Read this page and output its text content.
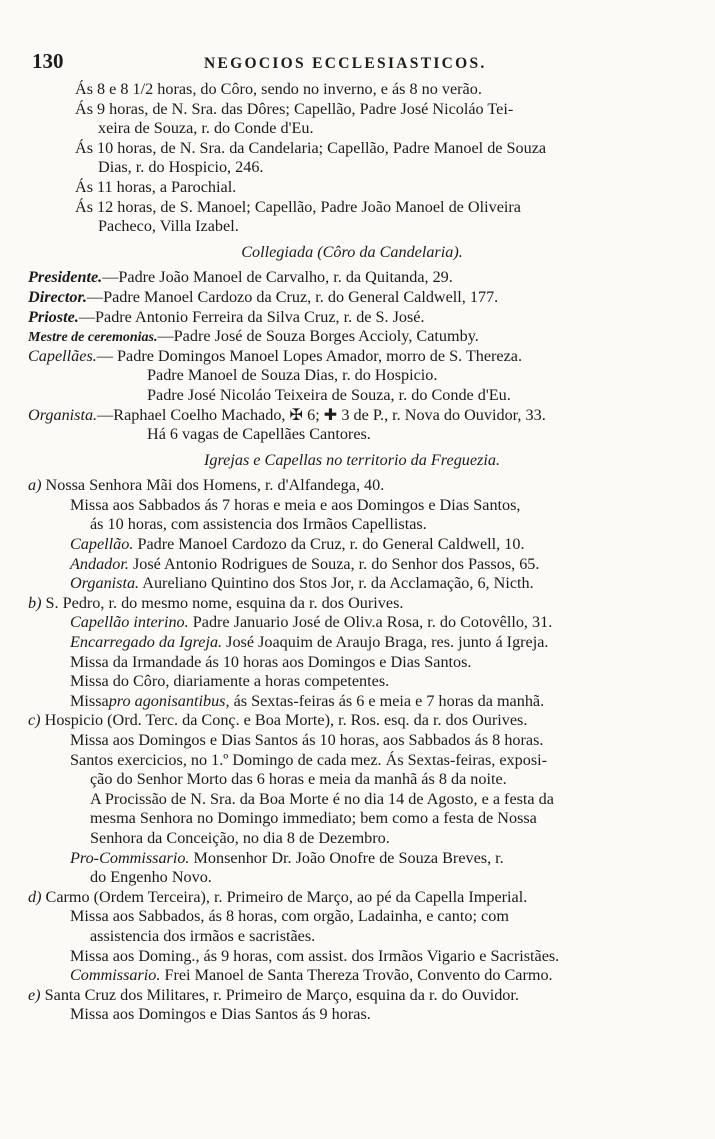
130	NEGOCIOS ECCLESIASTICOS.
Ás 8 e 8 1/2 horas, do Côro, sendo no inverno, e ás 8 no verão.
Ás 9 horas, de N. Sra. das Dôres; Capellão, Padre José Nicoláo Tei-
xeira de Souza, r. do Conde d'Eu.
Ás 10 horas, de N. Sra. da Candelaria; Capellão, Padre Manoel de Souza
Dias, r. do Hospicio, 246.
Ás 11 horas, a Parochial.
Ás 12 horas, de S. Manoel; Capellão, Padre João Manoel de Oliveira
Pacheco, Villa Izabel.
Collegiada (Côro da Candelaria).
Presidente.—Padre João Manoel de Carvalho, r. da Quitanda, 29.
Director.—Padre Manoel Cardozo da Cruz, r. do General Caldwell, 177.
Prioste.—Padre Antonio Ferreira da Silva Cruz, r. de S. José.
Mestre de ceremonias.—Padre José de Souza Borges Accioly, Catumby.
Capellães.— Padre Domingos Manoel Lopes Amador, morro de S. Thereza.
Padre Manoel de Souza Dias, r. do Hospicio.
Padre José Nicoláo Teixeira de Souza, r. do Conde d'Eu.
Organista.—Raphael Coelho Machado, ✠ 6; ✚ 3 de P., r. Nova do Ouvidor, 33.
Há 6 vagas de Capellães Cantores.
Igrejas e Capellas no territorio da Freguezia.
a) Nossa Senhora Mãi dos Homens, r. d'Alfandega, 40.
Missa aos Sabbados ás 7 horas e meia e aos Domingos e Dias Santos,
ás 10 horas, com assistencia dos Irmãos Capellistas.
Capellão. Padre Manoel Cardozo da Cruz, r. do General Caldwell, 10.
Andador. José Antonio Rodrigues de Souza, r. do Senhor dos Passos, 65.
Organista. Aureliano Quintino dos Stos Jor, r. da Acclamação, 6, Nicth.
b) S. Pedro, r. do mesmo nome, esquina da r. dos Ourives.
Capellão interino. Padre Januario José de Oliv.a Rosa, r. do Cotovêllo, 31.
Encarregado da Igreja. José Joaquim de Araujo Braga, res. junto á Igreja.
Missa da Irmandade ás 10 horas aos Domingos e Dias Santos.
Missa do Côro, diariamente a horas competentes.
Missapro agonisantibus, ás Sextas-feiras ás 6 e meia e 7 horas da manhã.
c) Hospicio (Ord. Terc. da Conç. e Boa Morte), r. Ros. esq. da r. dos Ourives.
Missa aos Domingos e Dias Santos ás 10 horas, aos Sabbados ás 8 horas.
Santos exercicios, no 1.º Domingo de cada mez. Ás Sextas-feiras, exposi-
ção do Senhor Morto das 6 horas e meia da manhã ás 8 da noite.
A Procissão de N. Sra. da Boa Morte é no dia 14 de Agosto, e a festa da
mesma Senhora no Domingo immediato; bem como a festa de Nossa
Senhora da Conceição, no dia 8 de Dezembro.
Pro-Commissario. Monsenhor Dr. João Onofre de Souza Breves, r.
do Engenho Novo.
d) Carmo (Ordem Terceira), r. Primeiro de Março, ao pé da Capella Imperial.
Missa aos Sabbados, ás 8 horas, com orgão, Ladainha, e canto; com
assistencia dos irmãos e sacristães.
Missa aos Doming., ás 9 horas, com assist. dos Irmãos Vigario e Sacristães.
Commissario. Frei Manoel de Santa Thereza Trovão, Convento do Carmo.
e) Santa Cruz dos Militares, r. Primeiro de Março, esquina da r. do Ouvidor.
Missa aos Domingos e Dias Santos ás 9 horas.
